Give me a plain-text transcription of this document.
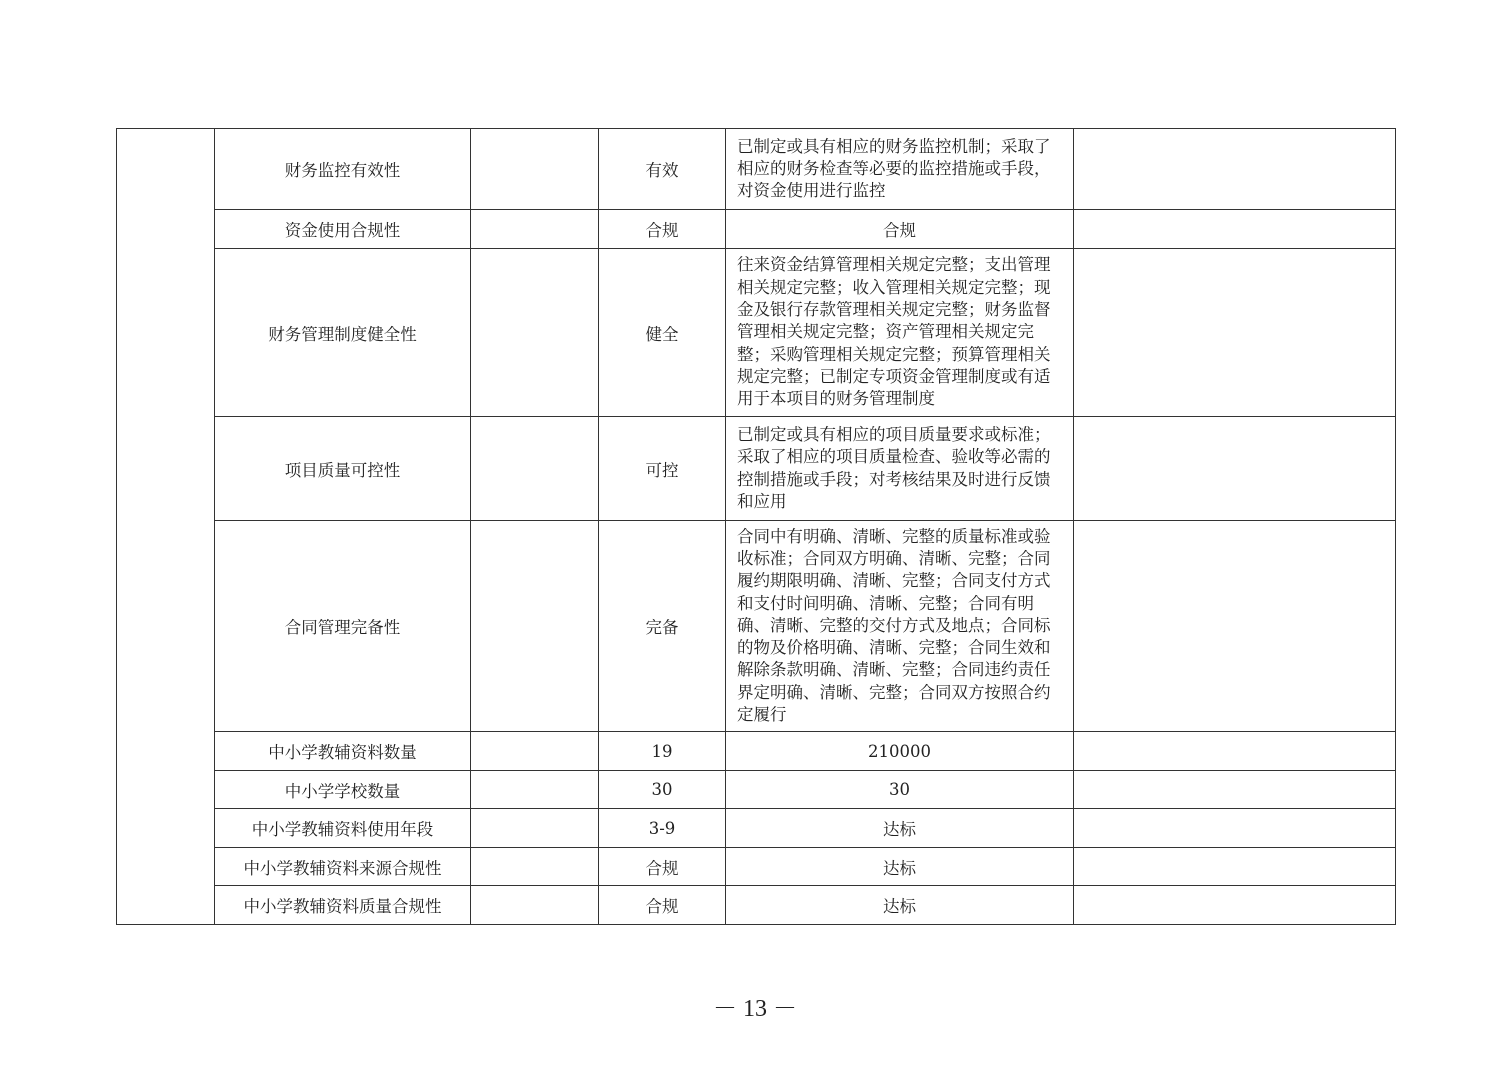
	财务监控有效性		有效	已制定或具有相应的财务监控机制；采取了相应的财务检查等必要的监控措施或手段，对资金使用进行监控	
	资金使用合规性		合规	合规	
	财务管理制度健全性		健全	往来资金结算管理相关规定完整；支出管理相关规定完整；收入管理相关规定完整；现金及银行存款管理相关规定完整；财务监督管理相关规定完整；资产管理相关规定完整；采购管理相关规定完整；预算管理相关规定完整；已制定专项资金管理制度或有适用于本项目的财务管理制度	
	项目质量可控性		可控	已制定或具有相应的项目质量要求或标准；采取了相应的项目质量检查、验收等必需的控制措施或手段；对考核结果及时进行反馈和应用	
	合同管理完备性		完备	合同中有明确、清晰、完整的质量标准或验收标准；合同双方明确、清晰、完整；合同履约期限明确、清晰、完整；合同支付方式和支付时间明确、清晰、完整；合同有明确、清晰、完整的交付方式及地点；合同标的物及价格明确、清晰、完整；合同生效和解除条款明确、清晰、完整；合同违约责任界定明确、清晰、完整；合同双方按照合约定履行	
	中小学教辅资料数量		19	210000	
	中小学学校数量		30	30	
	中小学教辅资料使用年段		3-9	达标	
	中小学教辅资料来源合规性		合规	达标	
	中小学教辅资料质量合规性		合规	达标	
－ 13 －
